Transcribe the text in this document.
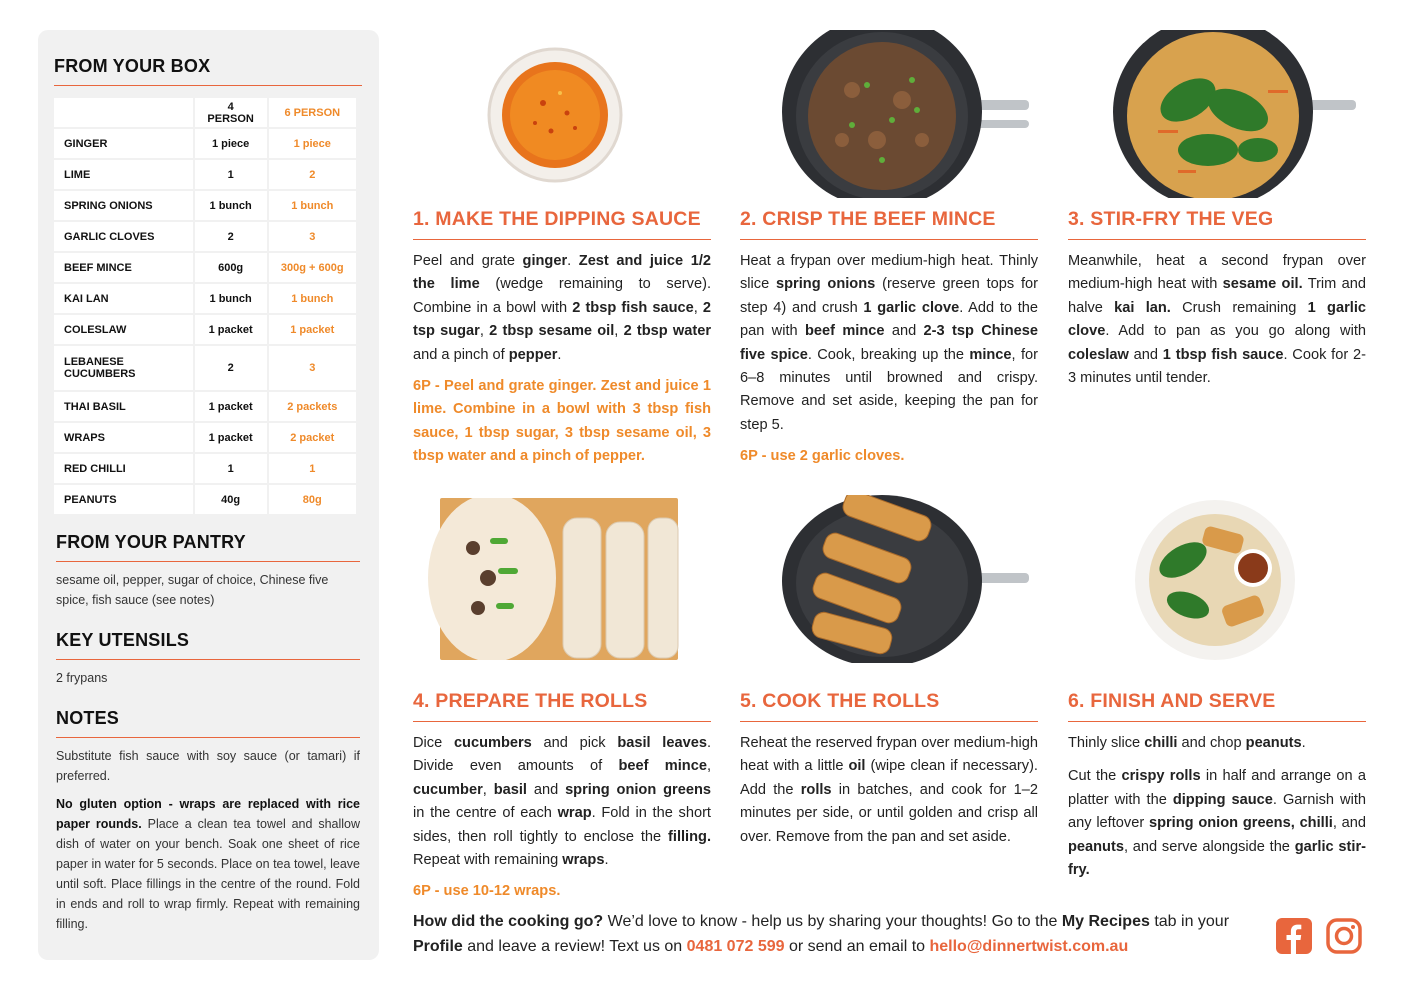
FROM YOUR BOX
	4 PERSON	6 PERSON
GINGER	1 piece	1 piece
LIME	1	2
SPRING ONIONS	1 bunch	1 bunch
GARLIC CLOVES	2	3
BEEF MINCE	600g	300g + 600g
KAI LAN	1 bunch	1 bunch
COLESLAW	1 packet	1 packet
LEBANESE CUCUMBERS	2	3
THAI BASIL	1 packet	2 packets
WRAPS	1 packet	2 packet
RED CHILLI	1	1
PEANUTS	40g	80g
FROM YOUR PANTRY

sesame oil, pepper, sugar of choice, Chinese five spice, fish sauce (see notes)

KEY UTENSILS

2 frypans

NOTES

Substitute fish sauce with soy sauce (or tamari) if preferred.

No gluten option - wraps are replaced with rice paper rounds. Place a clean tea towel and shallow dish of water on your bench. Soak one sheet of rice paper in water for 5 seconds. Place on tea towel, leave until soft. Place fillings in the centre of the round. Fold in ends and roll to wrap firmly. Repeat with remaining filling.

1. MAKE THE DIPPING SAUCE

Peel and grate ginger. Zest and juice 1/2 the lime (wedge remaining to serve). Combine in a bowl with 2 tbsp fish sauce, 2 tsp sugar, 2 tbsp sesame oil, 2 tbsp water and a pinch of pepper.

6P - Peel and grate ginger. Zest and juice 1 lime. Combine in a bowl with 3 tbsp fish sauce, 1 tbsp sugar, 3 tbsp sesame oil, 3 tbsp water and a pinch of pepper.

2. CRISP THE BEEF MINCE

Heat a frypan over medium-high heat. Thinly slice spring onions (reserve green tops for step 4) and crush 1 garlic clove. Add to the pan with beef mince and 2-3 tsp Chinese five spice. Cook, breaking up the mince, for 6–8 minutes until browned and crispy. Remove and set aside, keeping the pan for step 5.

6P - use 2 garlic cloves.

3. STIR-FRY THE VEG

Meanwhile, heat a second frypan over medium-high heat with sesame oil. Trim and halve kai lan. Crush remaining 1 garlic clove. Add to pan as you go along with coleslaw and 1 tbsp fish sauce. Cook for 2-3 minutes until tender.

4. PREPARE THE ROLLS

Dice cucumbers and pick basil leaves. Divide even amounts of beef mince, cucumber, basil and spring onion greens in the centre of each wrap. Fold in the short sides, then roll tightly to enclose the filling. Repeat with remaining wraps.

6P - use 10-12 wraps.

5. COOK THE ROLLS

Reheat the reserved frypan over medium-high heat with a little oil (wipe clean if necessary). Add the rolls in batches, and cook for 1–2 minutes per side, or until golden and crisp all over. Remove from the pan and set aside.

6. FINISH AND SERVE

Thinly slice chilli and chop peanuts.

Cut the crispy rolls in half and arrange on a platter with the dipping sauce. Garnish with any leftover spring onion greens, chilli, and peanuts, and serve alongside the garlic stir-fry.

How did the cooking go? We’d love to know - help us by sharing your thoughts! Go to the My Recipes tab in your Profile and leave a review! Text us on 0481 072 599 or send an email to hello@dinnertwist.com.au
